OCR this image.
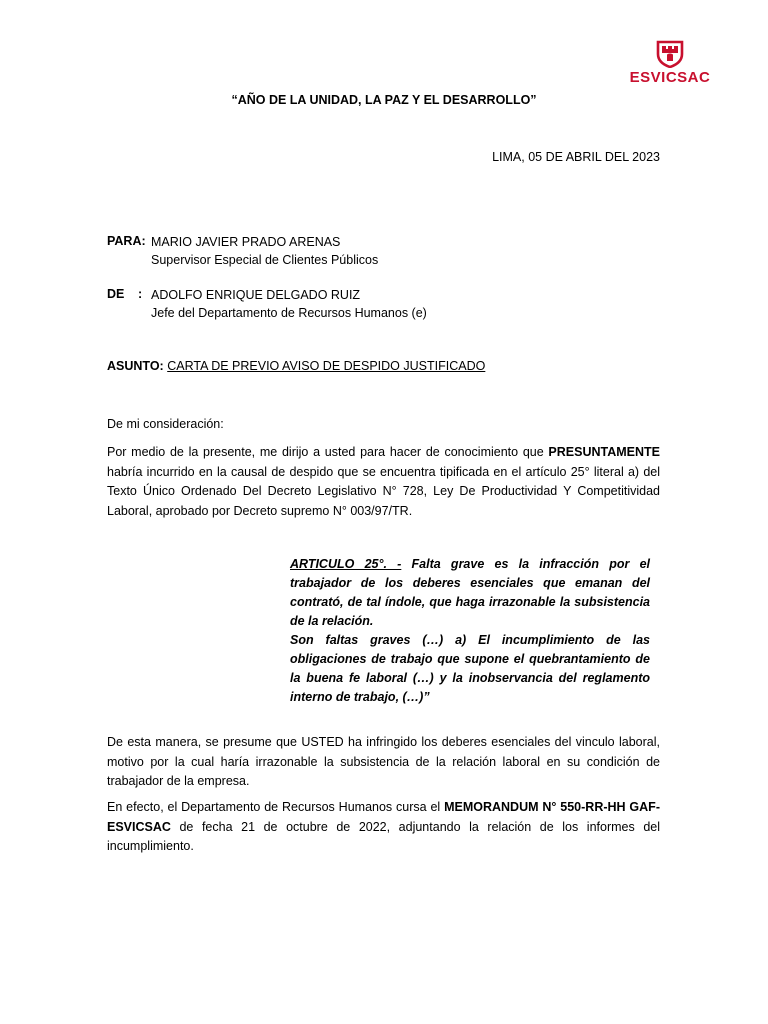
ESVICSAC
“AÑO DE LA UNIDAD, LA PAZ Y EL DESARROLLO”
LIMA, 05 DE ABRIL DEL 2023
PARA: MARIO JAVIER PRADO ARENAS
Supervisor Especial de Clientes Públicos
DE : ADOLFO ENRIQUE DELGADO RUIZ
Jefe del Departamento de Recursos Humanos (e)
ASUNTO: CARTA DE PREVIO AVISO DE DESPIDO JUSTIFICADO
De mi consideración:
Por medio de la presente, me dirijo a usted para hacer de conocimiento que PRESUNTAMENTE habría incurrido en la causal de despido que se encuentra tipificada en el artículo 25° literal a) del Texto Único Ordenado Del Decreto Legislativo N° 728, Ley De Productividad Y Competitividad Laboral, aprobado por Decreto supremo N° 003/97/TR.
ARTICULO 25°. - Falta grave es la infracción por el trabajador de los deberes esenciales que emanan del contrató, de tal índole, que haga irrazonable la subsistencia de la relación.
Son faltas graves (…) a) El incumplimiento de las obligaciones de trabajo que supone el quebrantamiento de la buena fe laboral (…) y la inobservancia del reglamento interno de trabajo, (…)”
De esta manera, se presume que USTED ha infringido los deberes esenciales del vinculo laboral, motivo por la cual haría irrazonable la subsistencia de la relación laboral en su condición de trabajador de la empresa.
En efecto, el Departamento de Recursos Humanos cursa el MEMORANDUM N° 550-RR-HH GAF-ESVICSAC de fecha 21 de octubre de 2022, adjuntando la relación de los informes del incumplimiento.
